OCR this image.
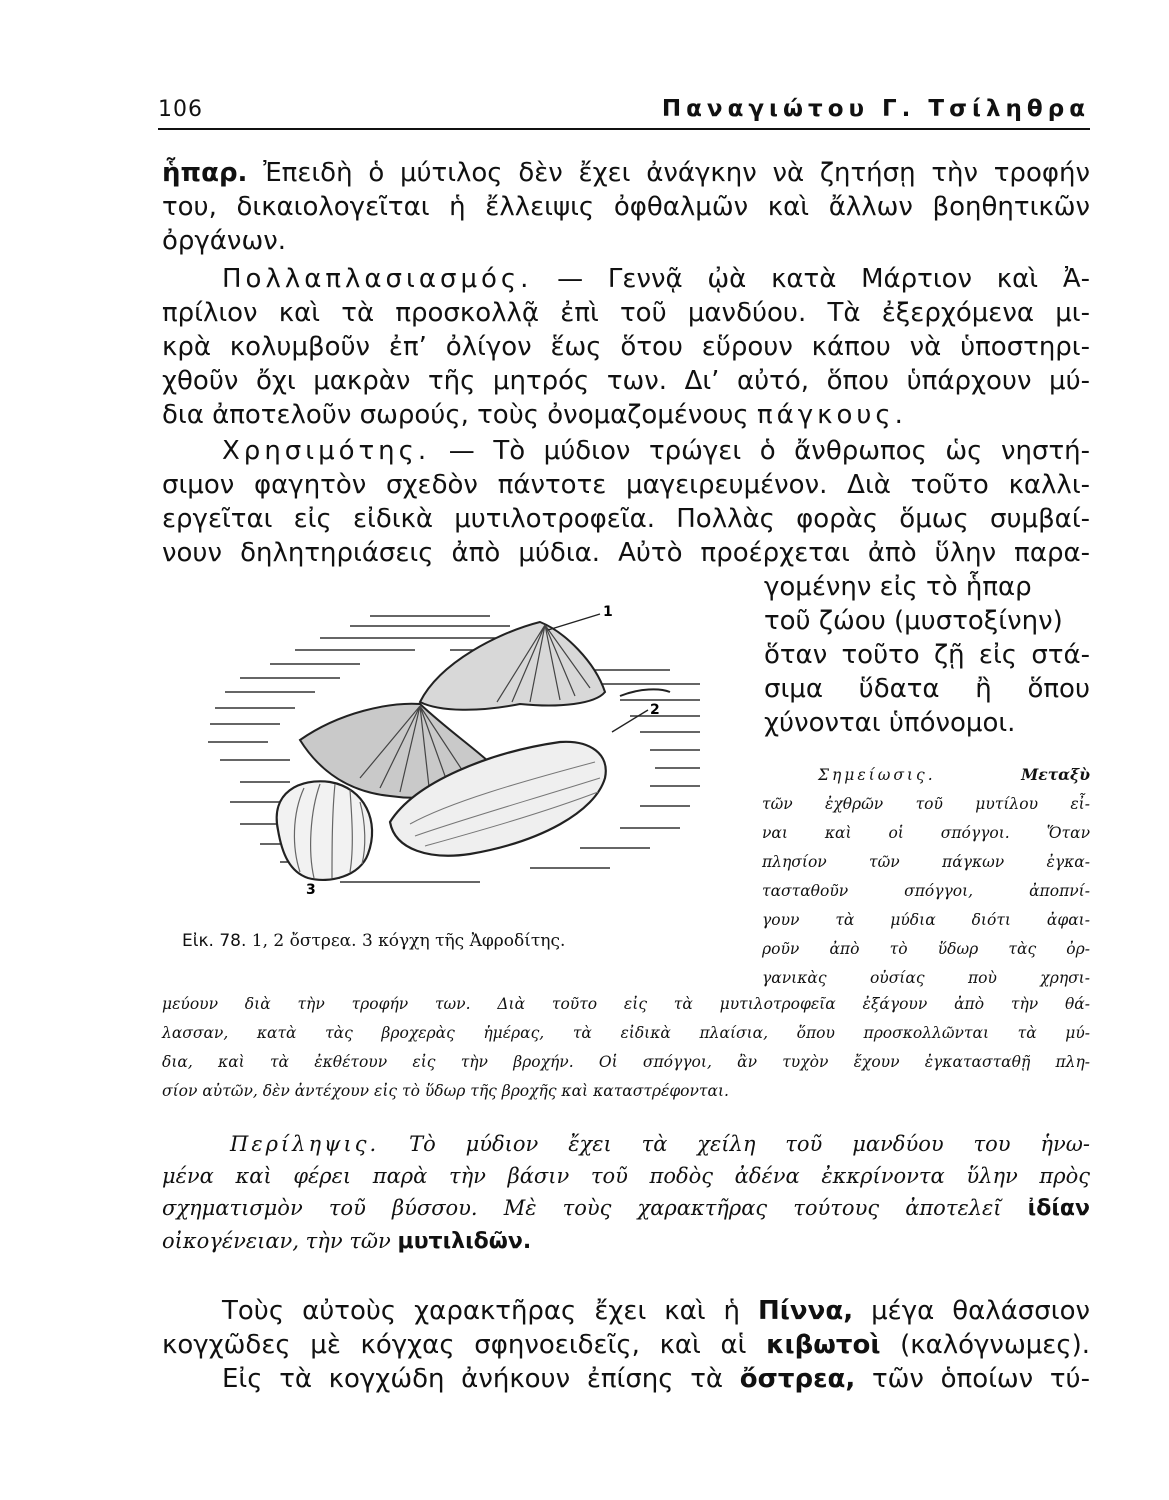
106	Παναγιώτου Γ. Τσίληθρα
ἧπαρ. Ἐπειδὴ ὁ μύτιλος δὲν ἔχει ἀνάγκην νὰ ζητήσῃ τὴν τροφήν
του, δικαιολογεῖται ἡ ἔλλειψις ὀφθαλμῶν καὶ ἄλλων βοηθητικῶν
ὀργάνων.
Πολλαπλασιασμός. — Γεννᾷ ᾠὰ κατὰ Μάρτιον καὶ Ἀ-
πρίλιον καὶ τὰ προσκολλᾷ ἐπὶ τοῦ μανδύου. Τὰ ἐξερχόμενα μι-
κρὰ κολυμβοῦν ἐπ’ ὀλίγον ἕως ὅτου εὕρουν κάπου νὰ ὑποστηρι-
χθοῦν ὄχι μακρὰν τῆς μητρός των. Δι’ αὐτό, ὅπου ὑπάρχουν μύ-
δια ἀποτελοῦν σωρούς, τοὺς ὀνομαζομένους πάγκους.
Χρησιμότης. — Τὸ μύδιον τρώγει ὁ ἄνθρωπος ὡς νηστή-
σιμον φαγητὸν σχεδὸν πάντοτε μαγειρευμένον. Διὰ τοῦτο καλλι-
εργεῖται εἰς εἰδικὰ μυτιλοτροφεῖα. Πολλὰς φορὰς ὅμως συμβαί-
νουν δηλητηριάσεις ἀπὸ μύδια. Αὐτὸ προέρχεται ἀπὸ ὕλην παρα-
γομένην εἰς τὸ ἧπαρ
τοῦ ζώου (μυστοξίνην)
ὅταν τοῦτο ζῇ εἰς στά-
σιμα ὕδατα ἢ ὅπου
χύνονται ὑπόνομοι.
1
2
3
Εἰκ. 78. 1, 2 ὄστρεα. 3 κόγχη τῆς Ἀφροδίτης.
Σημείωσις. Μεταξὺ
τῶν ἐχθρῶν τοῦ μυτίλου εἶ-
ναι καὶ οἱ σπόγγοι. Ὅταν
πλησίον τῶν πάγκων ἐγκα-
τασταθοῦν σπόγγοι, ἀποπνί-
γουν τὰ μύδια διότι ἀφαι-
ροῦν ἀπὸ τὸ ὕδωρ τὰς ὀρ-
γανικὰς οὐσίας ποὺ χρησι-
μεύουν διὰ τὴν τροφήν των. Διὰ τοῦτο εἰς τὰ μυτιλοτροφεῖα ἐξάγουν ἀπὸ τὴν θά-
λασσαν, κατὰ τὰς βροχερὰς ἡμέρας, τὰ εἰδικὰ πλαίσια, ὅπου προσκολλῶνται τὰ μύ-
δια, καὶ τὰ ἐκθέτουν εἰς τὴν βροχήν. Οἱ σπόγγοι, ἂν τυχὸν ἔχουν ἐγκατασταθῇ πλη-
σίον αὐτῶν, δὲν ἀντέχουν εἰς τὸ ὕδωρ τῆς βροχῆς καὶ καταστρέφονται.
Περίληψις. Τὸ μύδιον ἔχει τὰ χείλη τοῦ μανδύου του ἡνω-
μένα καὶ φέρει παρὰ τὴν βάσιν τοῦ ποδὸς ἀδένα ἐκκρίνοντα ὕλην πρὸς
σχηματισμὸν τοῦ βύσσου. Μὲ τοὺς χαρακτῆρας τούτους ἀποτελεῖ ἰδίαν
οἰκογένειαν, τὴν τῶν μυτιλιδῶν.
Τοὺς αὐτοὺς χαρακτῆρας ἔχει καὶ ἡ Πίννα, μέγα θαλάσσιον
κογχῶδες μὲ κόγχας σφηνοειδεῖς, καὶ αἱ κιβωτοὶ (καλόγνωμες).
Εἰς τὰ κογχώδη ἀνήκουν ἐπίσης τὰ ὄστρεα, τῶν ὁποίων τύ-
